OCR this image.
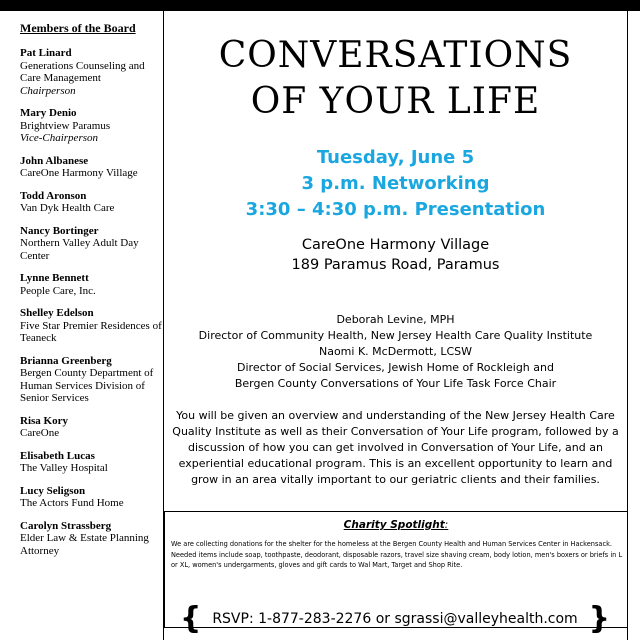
Members of the Board
Pat Linard
Generations Counseling and Care Management
Chairperson
Mary Denio
Brightview Paramus
Vice-Chairperson
John Albanese
CareOne Harmony Village
Todd Aronson
Van Dyk Health Care
Nancy Bortinger
Northern Valley Adult Day Center
Lynne Bennett
People Care, Inc.
Shelley Edelson
Five Star Premier Residences of Teaneck
Brianna Greenberg
Bergen County Department of Human Services Division of Senior Services
Risa Kory
CareOne
Elisabeth Lucas
The Valley Hospital
Lucy Seligson
The Actors Fund Home
Carolyn Strassberg
Elder Law & Estate Planning Attorney
CONVERSATIONS
OF YOUR LIFE
Tuesday, June 5
3 p.m. Networking
3:30 – 4:30 p.m. Presentation
CareOne Harmony Village
189 Paramus Road, Paramus
Deborah Levine, MPH
Director of Community Health, New Jersey Health Care Quality Institute
Naomi K. McDermott, LCSW
Director of Social Services, Jewish Home of Rockleigh and
Bergen County Conversations of Your Life Task Force Chair
You will be given an overview and understanding of the New Jersey Health Care Quality Institute as well as their Conversation of Your Life program, followed by a discussion of how you can get involved in Conversation of Your Life, and an experiential educational program. This is an excellent opportunity to learn and grow in an area vitally important to our geriatric clients and their families.
Charity Spotlight:
We are collecting donations for the shelter for the homeless at the Bergen County Health and Human Services Center in Hackensack. Needed items include soap, toothpaste, deodorant, disposable razors, travel size shaving cream, body lotion, men's boxers or briefs in L or XL, women's undergarments, gloves and gift cards to Wal Mart, Target and Shop Rite.
{ RSVP: 1-877-283-2276 or sgrassi@valleyhealth.com }
